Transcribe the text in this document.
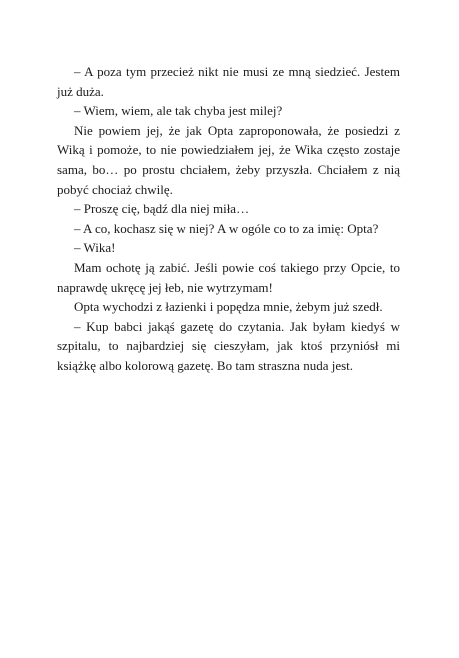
– A poza tym przecież nikt nie musi ze mną siedzieć. Jestem już duża.

– Wiem, wiem, ale tak chyba jest milej?

Nie powiem jej, że jak Opta zaproponowała, że posiedzi z Wiką i pomoże, to nie powiedziałem jej, że Wika często zostaje sama, bo… po prostu chciałem, żeby przyszła. Chciałem z nią pobyć chociaż chwilę.

– Proszę cię, bądź dla niej miła…

– A co, kochasz się w niej? A w ogóle co to za imię: Opta?

– Wika!

Mam ochotę ją zabić. Jeśli powie coś takiego przy Opcie, to naprawdę ukręcę jej łeb, nie wytrzymam!

Opta wychodzi z łazienki i popędza mnie, żebym już szedł.

– Kup babci jakąś gazetę do czytania. Jak byłam kiedyś w szpitalu, to najbardziej się cieszyłam, jak ktoś przyniósł mi książkę albo kolorową gazetę. Bo tam straszna nuda jest.
